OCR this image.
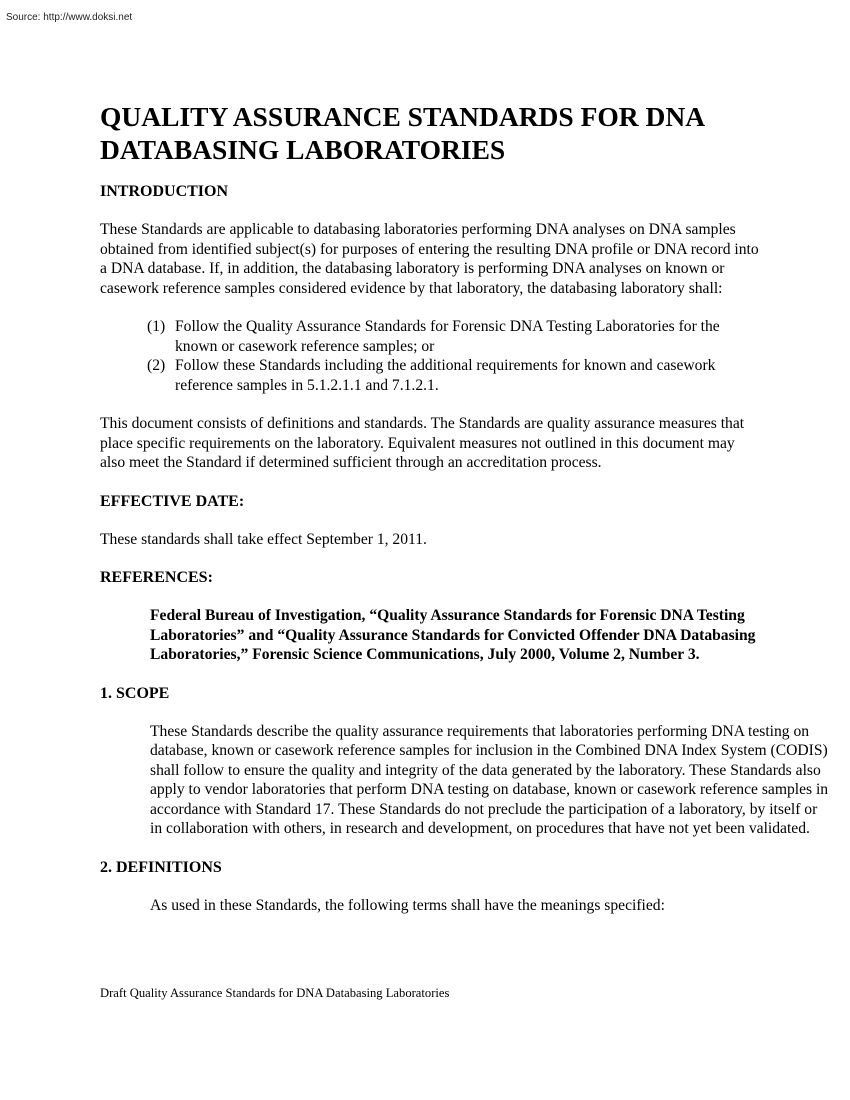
Source: http://www.doksi.net

QUALITY ASSURANCE STANDARDS FOR DNA DATABASING LABORATORIES
INTRODUCTION

These Standards are applicable to databasing laboratories performing DNA analyses on DNA samples obtained from identified subject(s) for purposes of entering the resulting DNA profile or DNA record into a DNA database. If, in addition, the databasing laboratory is performing DNA analyses on known or casework reference samples considered evidence by that laboratory, the databasing laboratory shall:

(1) Follow the Quality Assurance Standards for Forensic DNA Testing Laboratories for the known or casework reference samples; or
(2) Follow these Standards including the additional requirements for known and casework reference samples in 5.1.2.1.1 and 7.1.2.1.

This document consists of definitions and standards. The Standards are quality assurance measures that place specific requirements on the laboratory. Equivalent measures not outlined in this document may also meet the Standard if determined sufficient through an accreditation process.

EFFECTIVE DATE:

These standards shall take effect September 1, 2011.

REFERENCES:

Federal Bureau of Investigation, “Quality Assurance Standards for Forensic DNA Testing Laboratories” and “Quality Assurance Standards for Convicted Offender DNA Databasing Laboratories,” Forensic Science Communications, July 2000, Volume 2, Number 3.

1. SCOPE

These Standards describe the quality assurance requirements that laboratories performing DNA testing on database, known or casework reference samples for inclusion in the Combined DNA Index System (CODIS) shall follow to ensure the quality and integrity of the data generated by the laboratory. These Standards also apply to vendor laboratories that perform DNA testing on database, known or casework reference samples in accordance with Standard 17. These Standards do not preclude the participation of a laboratory, by itself or in collaboration with others, in research and development, on procedures that have not yet been validated.

2. DEFINITIONS

As used in these Standards, the following terms shall have the meanings specified:

Draft Quality Assurance Standards for DNA Databasing Laboratories
